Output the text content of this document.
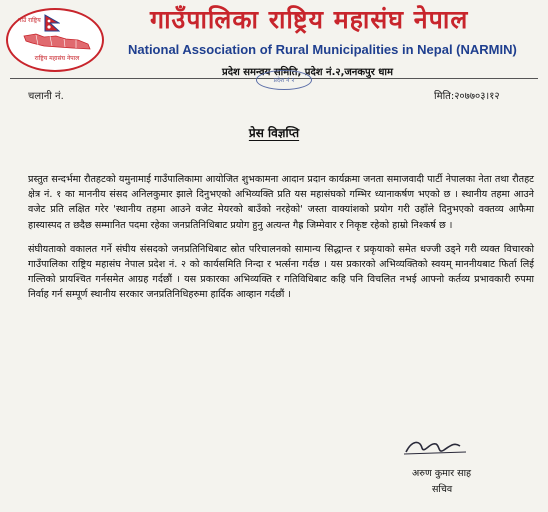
गाउँ राष्ट्रिय
राष्ट्रिय महासंघ नेपाल
गाउँपालिका राष्ट्रिय महासंघ नेपाल
National Association of Rural Municipalities in Nepal (NARMIN)
प्रदेश समन्वय समिति, प्रदेश नं.२,जनकपुर धाम
प्रदेश नं २
चलानी नं.	मिति:२०७७०३।१२
प्रेस विज्ञप्ति

प्रस्तुत सन्दर्भमा रौतहटको यमुनामाई गाउँपालिकामा आयोजित शुभकामना आदान प्रदान कार्यक्रमा जनता समाजवादी पार्टी नेपालका नेता तथा रौतहट क्षेत्र नं. १ का माननीय संसद अनिलकुमार झाले दिनुभएको अभिव्यक्ति प्रति यस महासंघको गम्भिर ध्यानाकर्षण भएको छ । स्थानीय तहमा आउने वजेट प्रति लक्षित गरेर 'स्थानीय तहमा आउने वजेट मेयरको बाउँको नरहेको' जस्ता वाक्यांशको प्रयोग गरी उहाँले दिनुभएको वक्तव्य आफैमा हास्यास्पद त छदैछ सम्मानित पदमा रहेका जनप्रतिनिधिबाट प्रयोग हुनु अत्यन्त गैह्र जिम्मेवार र निकृष्ट रहेको हाम्रो निश्कर्ष छ ।

संघीयताको वकालत गर्ने संघीय संसदको जनप्रतिनिधिबाट स्रोत परिचालनको सामान्य सिद्धान्त र प्रकृयाको समेत धज्जी उड्ने गरी व्यक्त विचारको गाउँपालिका राष्ट्रिय महासंघ नेपाल प्रदेश नं. २ को कार्यसमिति निन्दा र भर्त्सना गर्दछ । यस प्रकारको अभिव्यक्तिको स्वयम् माननीयबाट फिर्ता लिई गल्तिको प्रायश्चित गर्नसमेत आग्रह गर्दछौं । यस प्रकारका अभिव्यक्ति र गतिविधिबाट कहि पनि विचलित नभई आफ्नो कर्तव्य प्रभावकारी रुपमा निर्वाह गर्न सम्पूर्ण स्थानीय सरकार जनप्रतिनिधिहरुमा हार्दिक आव्हान गर्दछौं ।

अरुण कुमार साह
सचिव
